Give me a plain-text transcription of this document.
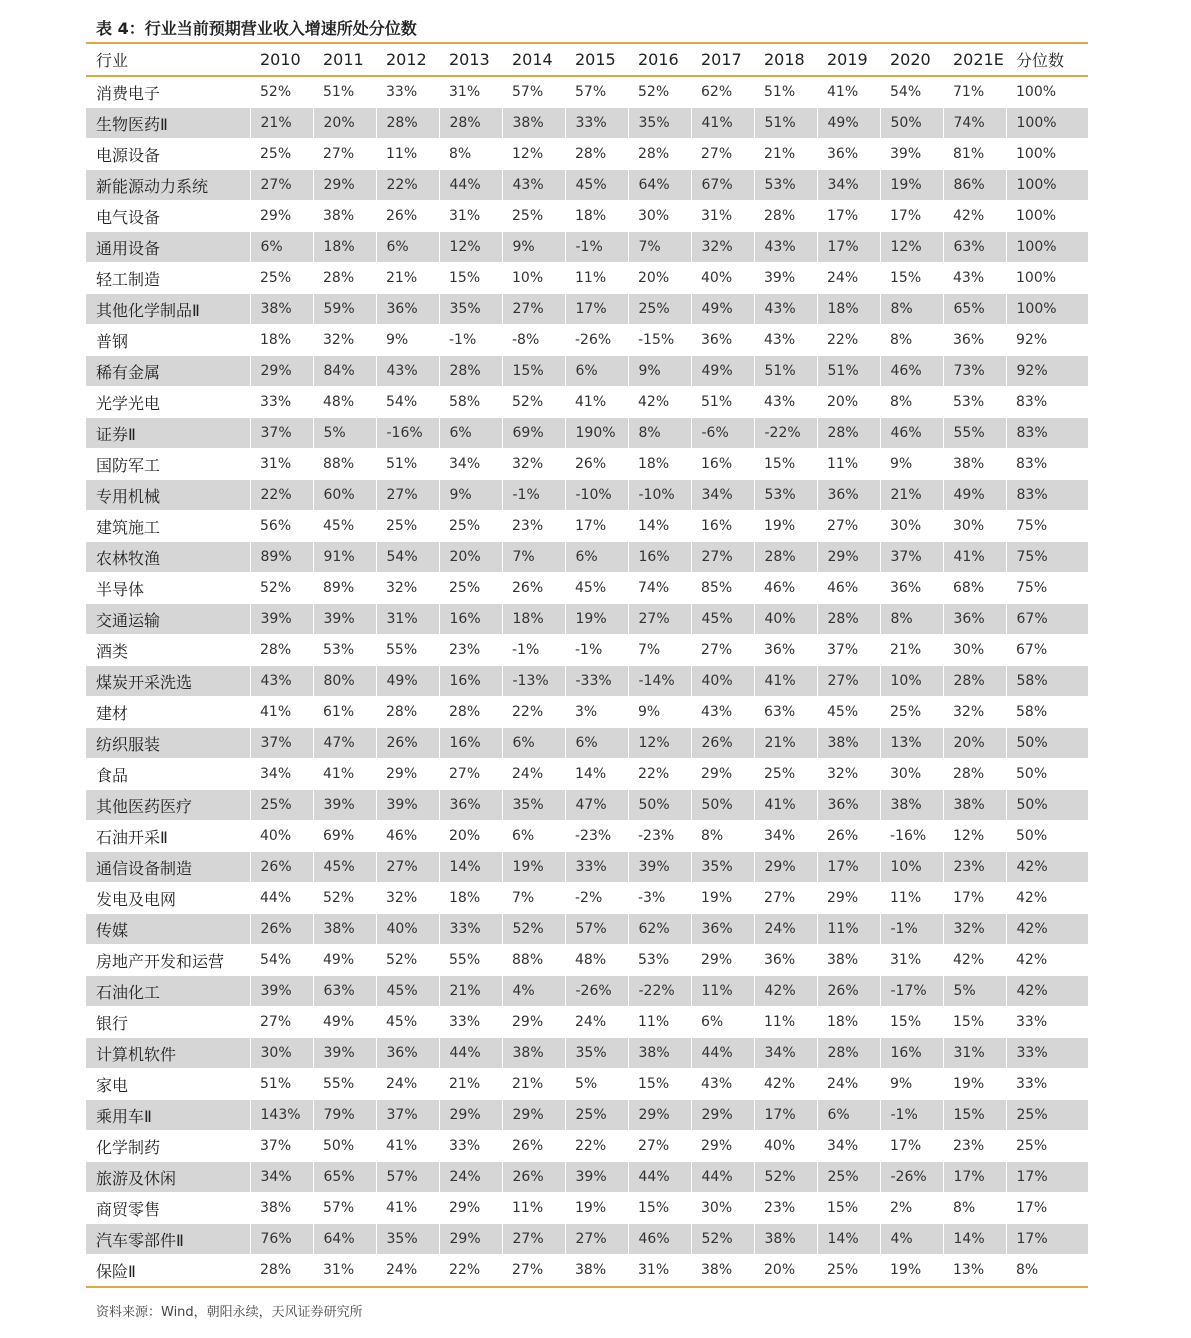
表 4：行业当前预期营业收入增速所处分位数
行业	2010	2011	2012	2013	2014	2015	2016	2017	2018	2019	2020	2021E	分位数
消费电子	52%	51%	33%	31%	57%	57%	52%	62%	51%	41%	54%	71%	100%
生物医药Ⅱ	21%	20%	28%	28%	38%	33%	35%	41%	51%	49%	50%	74%	100%
电源设备	25%	27%	11%	8%	12%	28%	28%	27%	21%	36%	39%	81%	100%
新能源动力系统	27%	29%	22%	44%	43%	45%	64%	67%	53%	34%	19%	86%	100%
电气设备	29%	38%	26%	31%	25%	18%	30%	31%	28%	17%	17%	42%	100%
通用设备	6%	18%	6%	12%	9%	-1%	7%	32%	43%	17%	12%	63%	100%
轻工制造	25%	28%	21%	15%	10%	11%	20%	40%	39%	24%	15%	43%	100%
其他化学制品Ⅱ	38%	59%	36%	35%	27%	17%	25%	49%	43%	18%	8%	65%	100%
普钢	18%	32%	9%	-1%	-8%	-26%	-15%	36%	43%	22%	8%	36%	92%
稀有金属	29%	84%	43%	28%	15%	6%	9%	49%	51%	51%	46%	73%	92%
光学光电	33%	48%	54%	58%	52%	41%	42%	51%	43%	20%	8%	53%	83%
证券Ⅱ	37%	5%	-16%	6%	69%	190%	8%	-6%	-22%	28%	46%	55%	83%
国防军工	31%	88%	51%	34%	32%	26%	18%	16%	15%	11%	9%	38%	83%
专用机械	22%	60%	27%	9%	-1%	-10%	-10%	34%	53%	36%	21%	49%	83%
建筑施工	56%	45%	25%	25%	23%	17%	14%	16%	19%	27%	30%	30%	75%
农林牧渔	89%	91%	54%	20%	7%	6%	16%	27%	28%	29%	37%	41%	75%
半导体	52%	89%	32%	25%	26%	45%	74%	85%	46%	46%	36%	68%	75%
交通运输	39%	39%	31%	16%	18%	19%	27%	45%	40%	28%	8%	36%	67%
酒类	28%	53%	55%	23%	-1%	-1%	7%	27%	36%	37%	21%	30%	67%
煤炭开采洗选	43%	80%	49%	16%	-13%	-33%	-14%	40%	41%	27%	10%	28%	58%
建材	41%	61%	28%	28%	22%	3%	9%	43%	63%	45%	25%	32%	58%
纺织服装	37%	47%	26%	16%	6%	6%	12%	26%	21%	38%	13%	20%	50%
食品	34%	41%	29%	27%	24%	14%	22%	29%	25%	32%	30%	28%	50%
其他医药医疗	25%	39%	39%	36%	35%	47%	50%	50%	41%	36%	38%	38%	50%
石油开采Ⅱ	40%	69%	46%	20%	6%	-23%	-23%	8%	34%	26%	-16%	12%	50%
通信设备制造	26%	45%	27%	14%	19%	33%	39%	35%	29%	17%	10%	23%	42%
发电及电网	44%	52%	32%	18%	7%	-2%	-3%	19%	27%	29%	11%	17%	42%
传媒	26%	38%	40%	33%	52%	57%	62%	36%	24%	11%	-1%	32%	42%
房地产开发和运营	54%	49%	52%	55%	88%	48%	53%	29%	36%	38%	31%	42%	42%
石油化工	39%	63%	45%	21%	4%	-26%	-22%	11%	42%	26%	-17%	5%	42%
银行	27%	49%	45%	33%	29%	24%	11%	6%	11%	18%	15%	15%	33%
计算机软件	30%	39%	36%	44%	38%	35%	38%	44%	34%	28%	16%	31%	33%
家电	51%	55%	24%	21%	21%	5%	15%	43%	42%	24%	9%	19%	33%
乘用车Ⅱ	143%	79%	37%	29%	29%	25%	29%	29%	17%	6%	-1%	15%	25%
化学制药	37%	50%	41%	33%	26%	22%	27%	29%	40%	34%	17%	23%	25%
旅游及休闲	34%	65%	57%	24%	26%	39%	44%	44%	52%	25%	-26%	17%	17%
商贸零售	38%	57%	41%	29%	11%	19%	15%	30%	23%	15%	2%	8%	17%
汽车零部件Ⅱ	76%	64%	35%	29%	27%	27%	46%	52%	38%	14%	4%	14%	17%
保险Ⅱ	28%	31%	24%	22%	27%	38%	31%	38%	20%	25%	19%	13%	8%
资料来源：Wind，朝阳永续，天风证券研究所
